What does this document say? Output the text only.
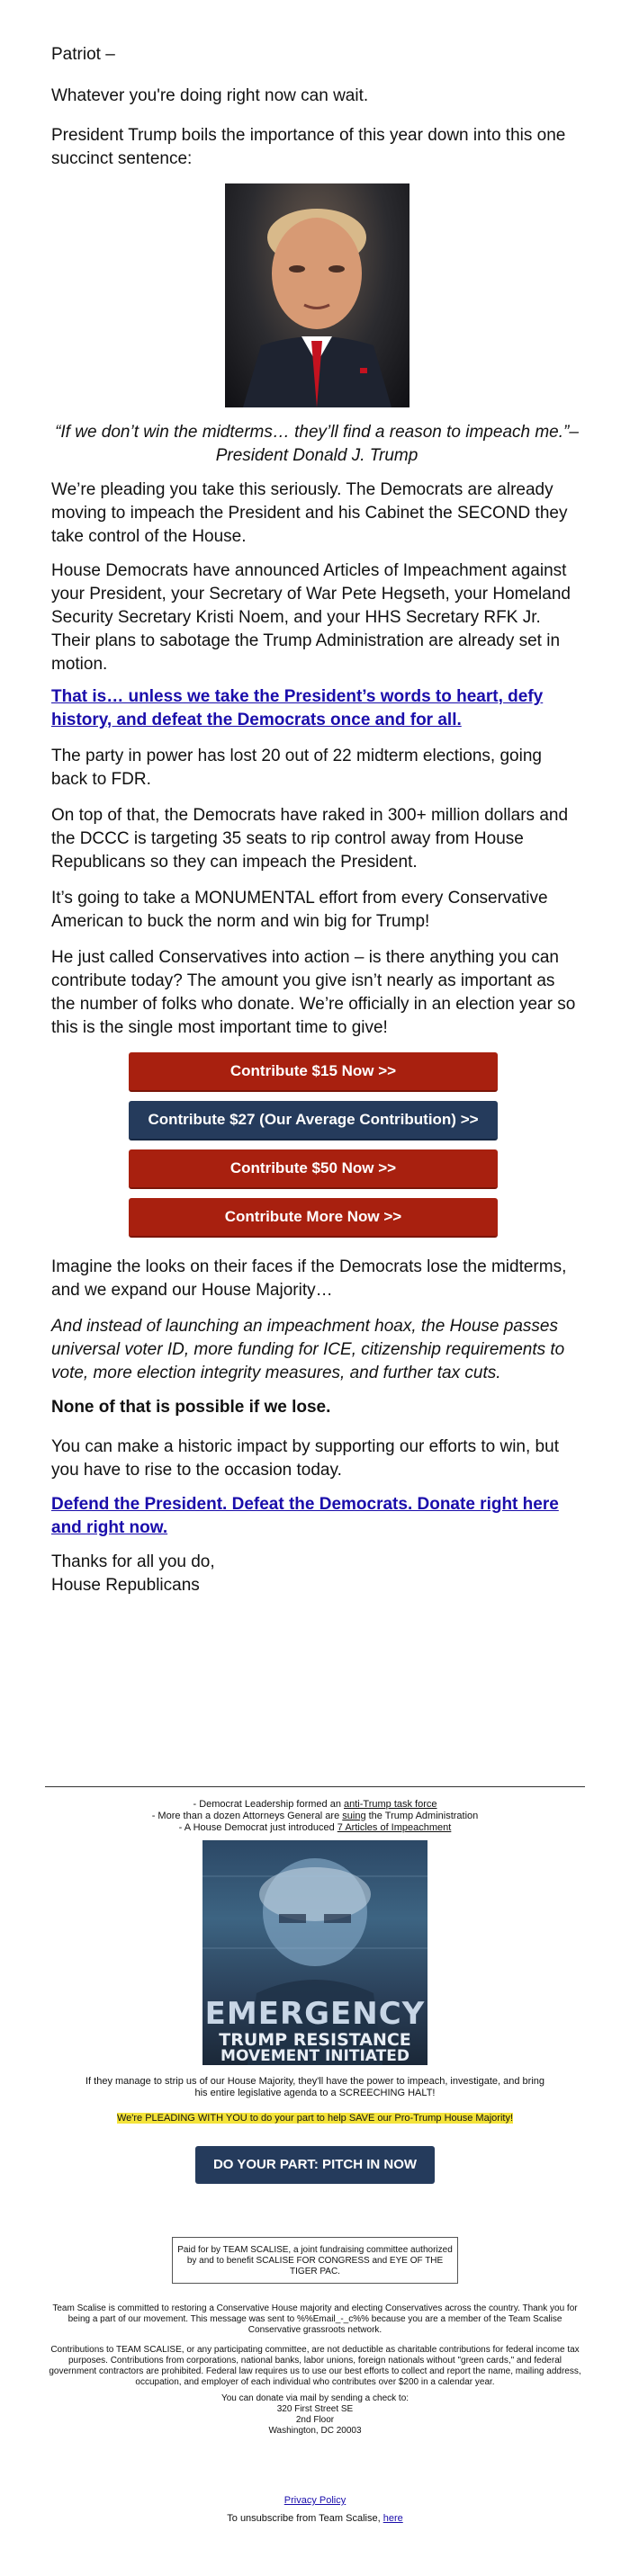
Patriot –

Whatever you're doing right now can wait.

President Trump boils the importance of this year down into this one succinct sentence:

“If we don’t win the midterms… they’ll find a reason to impeach me.”– President Donald J. Trump

We’re pleading you take this seriously. The Democrats are already moving to impeach the President and his Cabinet the SECOND they take control of the House.

House Democrats have announced Articles of Impeachment against your President, your Secretary of War Pete Hegseth, your Homeland Security Secretary Kristi Noem, and your HHS Secretary RFK Jr. Their plans to sabotage the Trump Administration are already set in motion.

That is… unless we take the President’s words to heart, defy history, and defeat the Democrats once and for all.

The party in power has lost 20 out of 22 midterm elections, going back to FDR.

On top of that, the Democrats have raked in 300+ million dollars and the DCCC is targeting 35 seats to rip control away from House Republicans so they can impeach the President.

It’s going to take a MONUMENTAL effort from every Conservative American to buck the norm and win big for Trump!

He just called Conservatives into action – is there anything you can contribute today? The amount you give isn’t nearly as important as the number of folks who donate. We’re officially in an election year so this is the single most important time to give!

Contribute $15 Now >>
Contribute $27 (Our Average Contribution) >>
Contribute $50 Now >>
Contribute More Now >>

Imagine the looks on their faces if the Democrats lose the midterms, and we expand our House Majority…

And instead of launching an impeachment hoax, the House passes universal voter ID, more funding for ICE, citizenship requirements to vote, more election integrity measures, and further tax cuts.

None of that is possible if we lose.

You can make a historic impact by supporting our efforts to win, but you have to rise to the occasion today.

Defend the President. Defeat the Democrats. Donate right here and right now.

Thanks for all you do,

House Republicans

- Democrat Leadership formed an anti-Trump task force
- More than a dozen Attorneys General are suing the Trump Administration
- A House Democrat just introduced 7 Articles of Impeachment
EMERGENCY
TRUMP RESISTANCE
MOVEMENT INITIATED
If they manage to strip us of our House Majority, they'll have the power to impeach, investigate, and bring his entire legislative agenda to a SCREECHING HALT!
We're PLEADING WITH YOU to do your part to help SAVE our Pro-Trump House Majority!
DO YOUR PART: PITCH IN NOW
Paid for by TEAM SCALISE, a joint fundraising committee authorized by and to benefit SCALISE FOR CONGRESS and EYE OF THE TIGER PAC.
Team Scalise is committed to restoring a Conservative House majority and electing Conservatives across the country. Thank you for being a part of our movement. This message was sent to %%Email_-_c%% because you are a member of the Team Scalise Conservative grassroots network.
Contributions to TEAM SCALISE, or any participating committee, are not deductible as charitable contributions for federal income tax purposes. Contributions from corporations, national banks, labor unions, foreign nationals without "green cards," and federal government contractors are prohibited. Federal law requires us to use our best efforts to collect and report the name, mailing address, occupation, and employer of each individual who contributes over $200 in a calendar year.
You can donate via mail by sending a check to:
320 First Street SE
2nd Floor
Washington, DC 20003
Privacy Policy
To unsubscribe from Team Scalise, here
